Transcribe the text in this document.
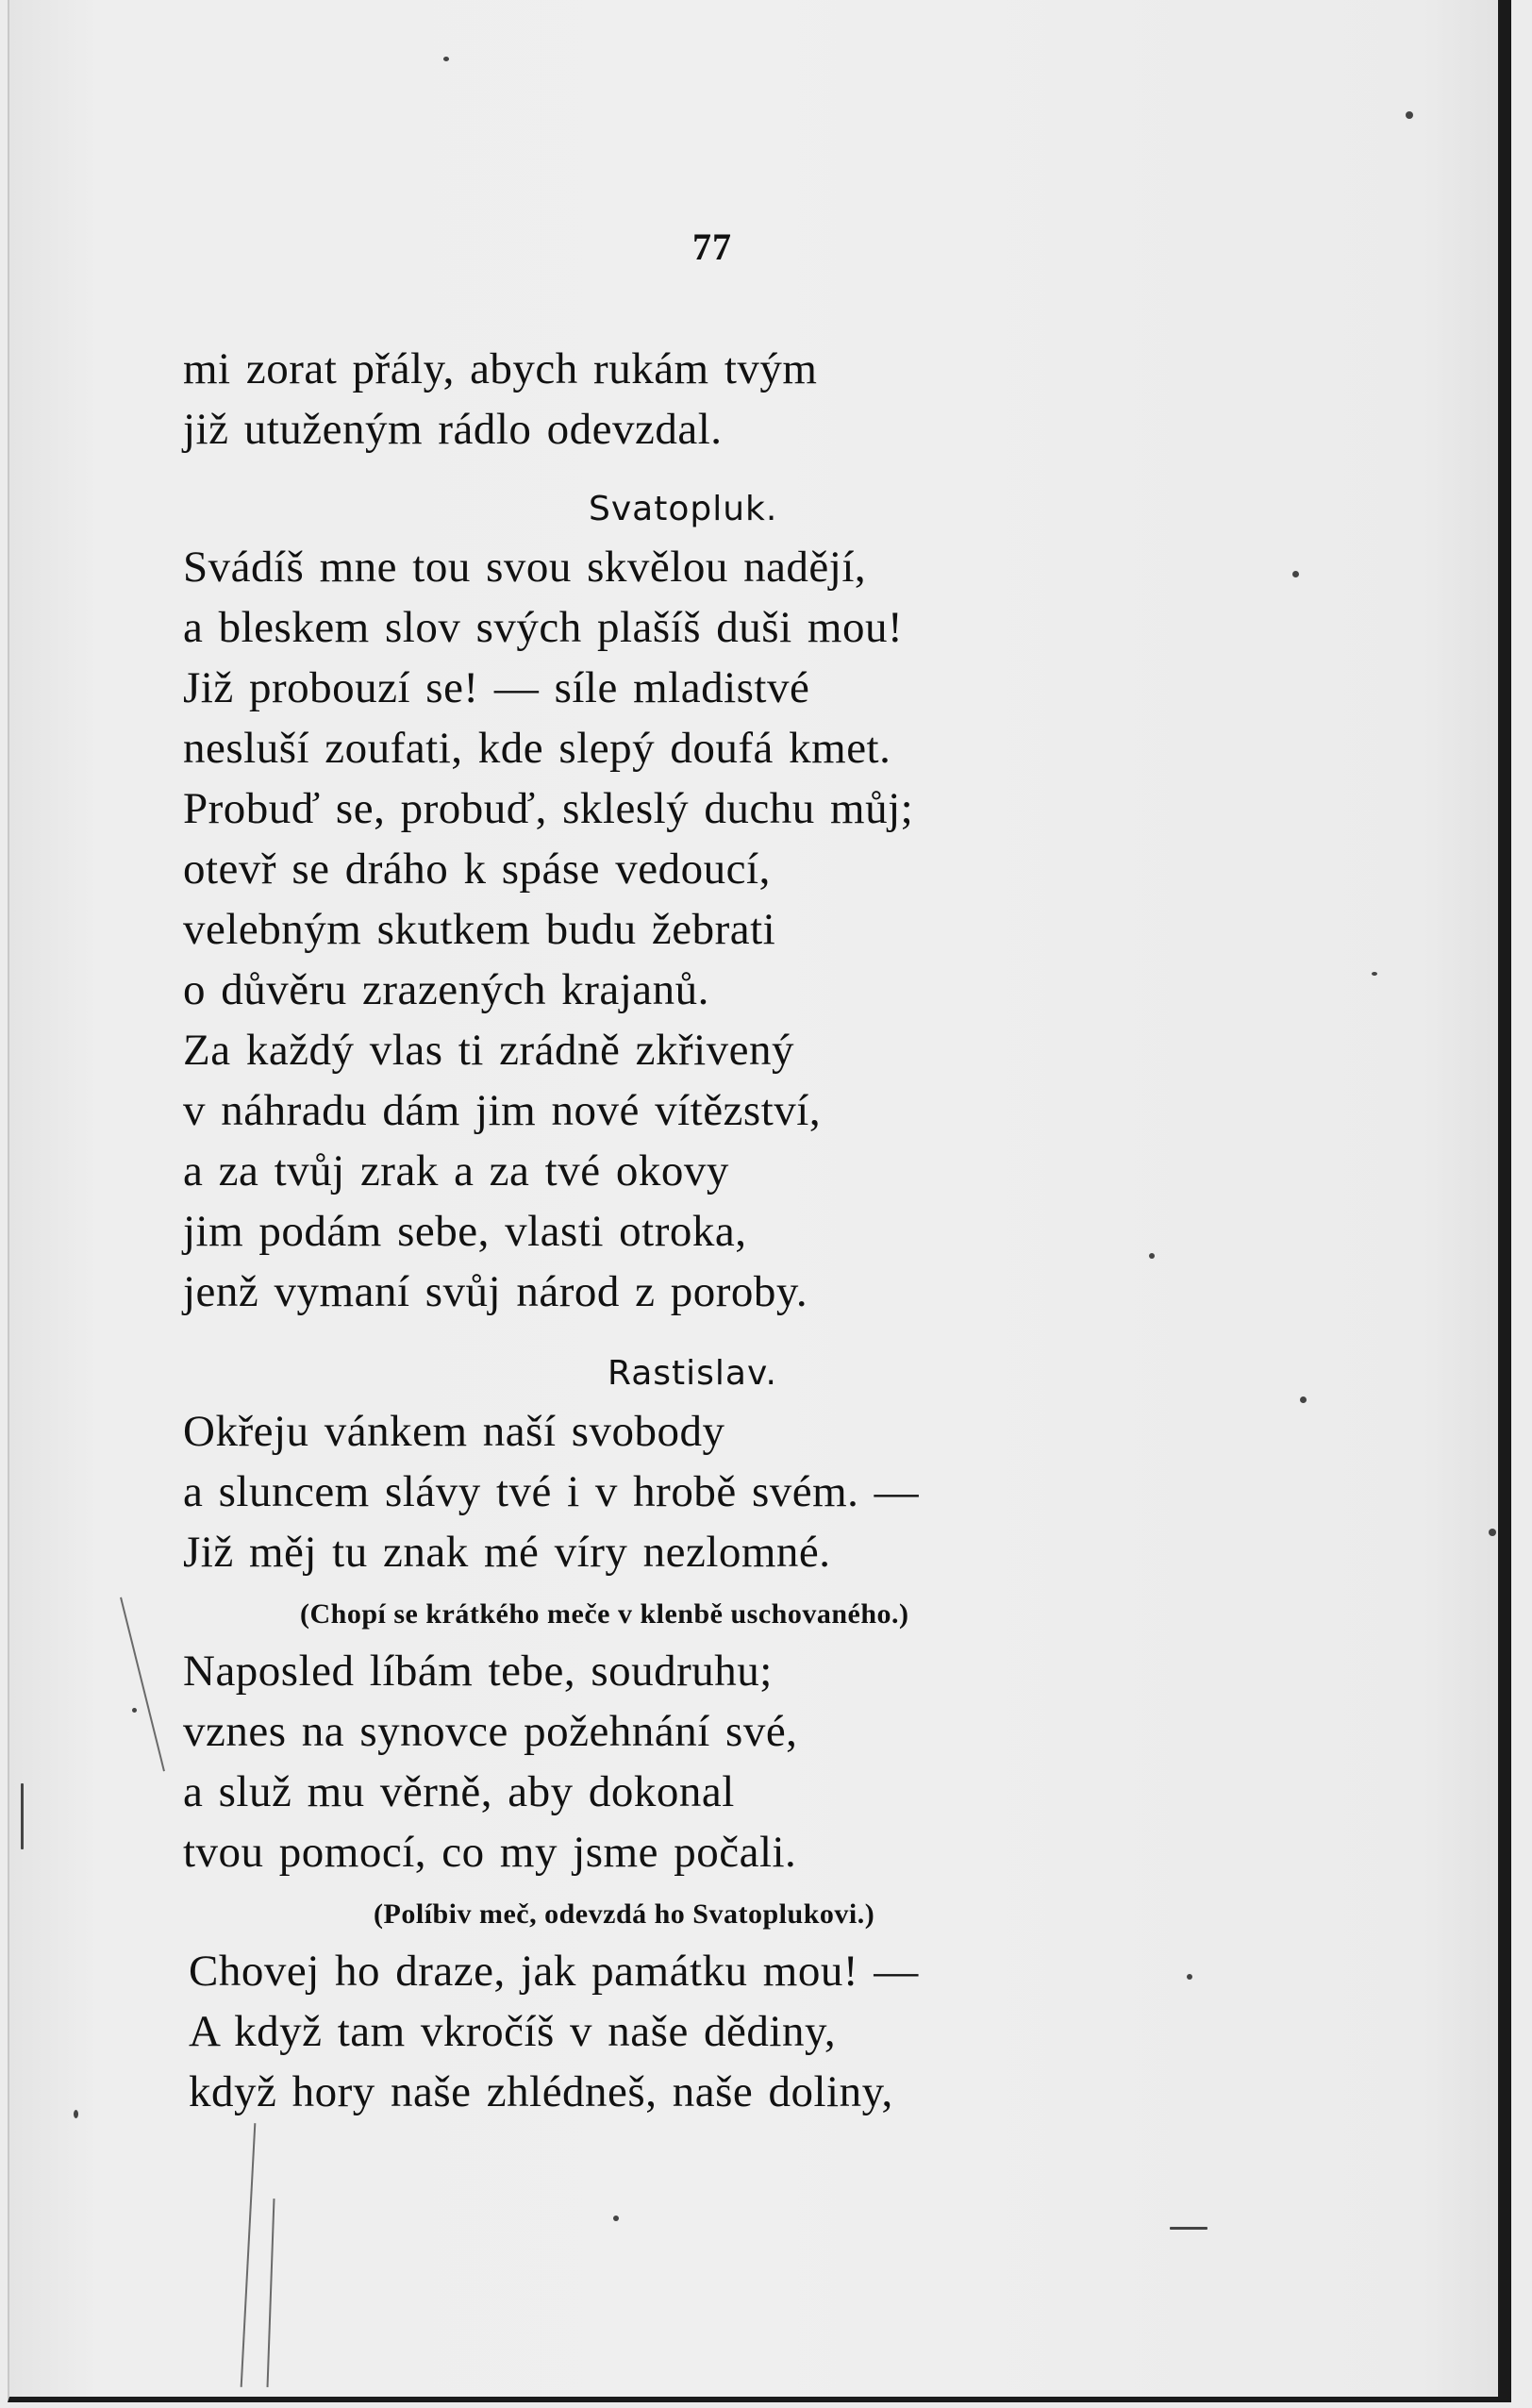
77
mi zorat přály, abych rukám tvým
již utuženým rádlo odevzdal.
Svatopluk.
Svádíš mne tou svou skvělou nadějí,
a bleskem slov svých plašíš duši mou!
Již probouzí se! — síle mladistvé
nesluší zoufati, kde slepý doufá kmet.
Probuď se, probuď, skleslý duchu můj;
otevř se dráho k spáse vedoucí,
velebným skutkem budu žebrati
o důvěru zrazených krajanů.
Za každý vlas ti zrádně zkřivený
v náhradu dám jim nové vítězství,
a za tvůj zrak a za tvé okovy
jim podám sebe, vlasti otroka,
jenž vymaní svůj národ z poroby.
Rastislav.
Okřeju vánkem naší svobody
a sluncem slávy tvé i v hrobě svém. —
Již měj tu znak mé víry nezlomné.
(Chopí se krátkého meče v klenbě uschovaného.)
Naposled líbám tebe, soudruhu;
vznes na synovce požehnání své,
a služ mu věrně, aby dokonal
tvou pomocí, co my jsme počali.
(Políbiv meč, odevzdá ho Svatoplukovi.)
Chovej ho draze, jak památku mou! —
A když tam vkročíš v naše dědiny,
když hory naše zhlédneš, naše doliny,
